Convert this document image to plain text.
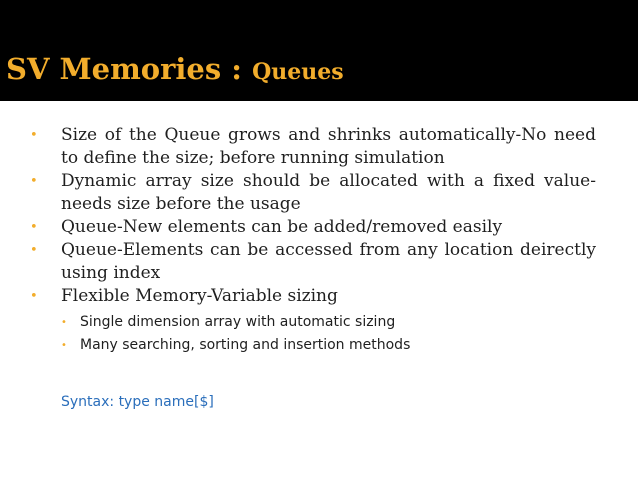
SV Memories : Queues
• Size of the Queue grows and shrinks automatically-No need to define the size; before running simulation
• Dynamic array size should be allocated with a fixed value-needs size before the usage
• Queue-New elements can be added/removed easily
• Queue-Elements can be accessed from any location deirectly using index
• Flexible Memory-Variable sizing
• Single dimension array with automatic sizing
• Many searching, sorting and insertion methods
Syntax: type name[$]
